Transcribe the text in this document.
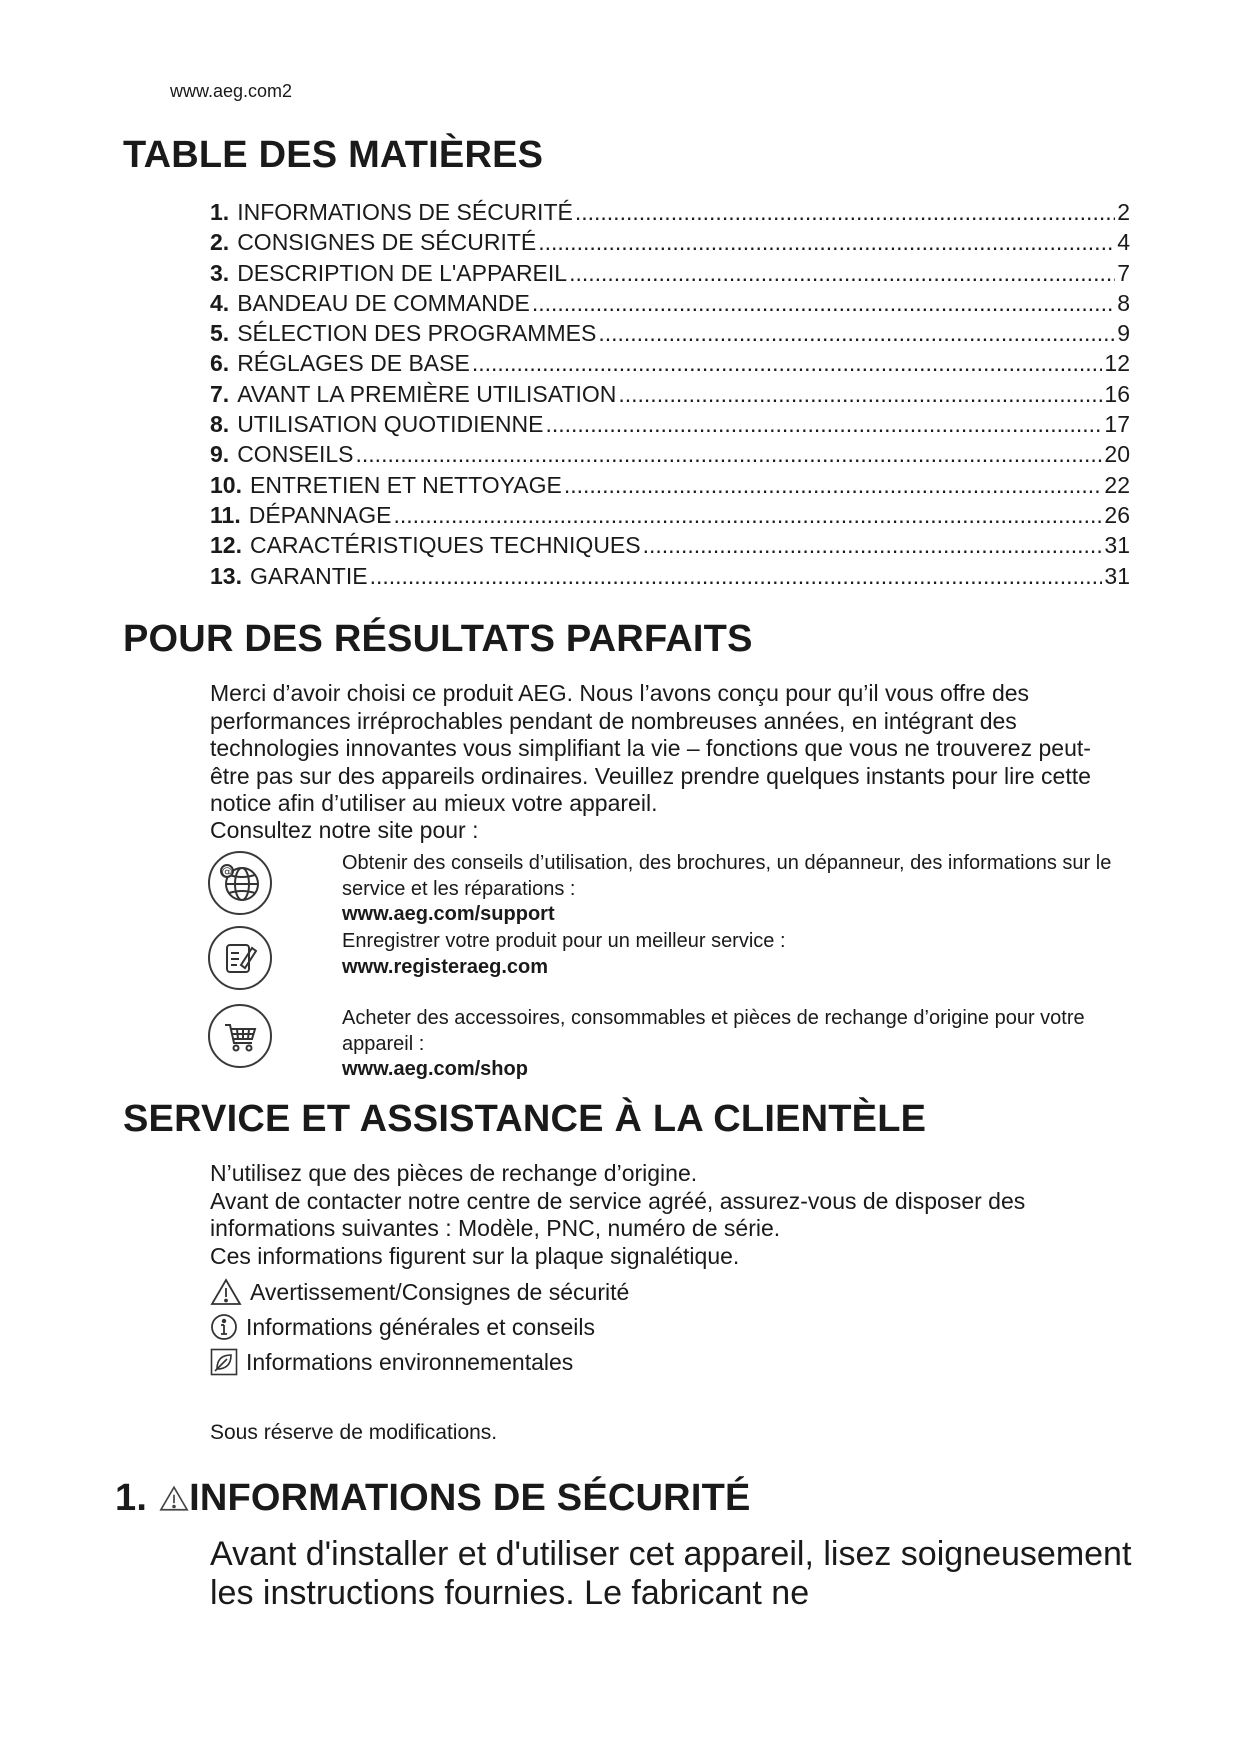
www.aeg.com2
TABLE DES MATIÈRES
1. INFORMATIONS DE SÉCURITÉ .....	2
2. CONSIGNES DE SÉCURITÉ .....	4
3. DESCRIPTION DE L'APPAREIL .....	7
4. BANDEAU DE COMMANDE .....	8
5. SÉLECTION DES PROGRAMMES .....	9
6. RÉGLAGES DE BASE .....	12
7. AVANT LA PREMIÈRE UTILISATION .....	16
8. UTILISATION QUOTIDIENNE .....	17
9. CONSEILS .....	20
10. ENTRETIEN ET NETTOYAGE .....	22
11. DÉPANNAGE .....	26
12. CARACTÉRISTIQUES TECHNIQUES .....	31
13. GARANTIE .....	31
POUR DES RÉSULTATS PARFAITS
Merci d’avoir choisi ce produit AEG. Nous l’avons conçu pour qu’il vous offre des performances irréprochables pendant de nombreuses années, en intégrant des technologies innovantes vous simplifiant la vie – fonctions que vous ne trouverez peut-être pas sur des appareils ordinaires. Veuillez prendre quelques instants pour lire cette notice afin d’utiliser au mieux votre appareil.
Consultez notre site pour :
@	Obtenir des conseils d’utilisation, des brochures, un dépanneur, des informations sur le service et les réparations :
www.aeg.com/support
Enregistrer votre produit pour un meilleur service :
www.registeraeg.com
Acheter des accessoires, consommables et pièces de rechange d’origine pour votre appareil :
www.aeg.com/shop
SERVICE ET ASSISTANCE À LA CLIENTÈLE
N’utilisez que des pièces de rechange d’origine.
Avant de contacter notre centre de service agréé, assurez-vous de disposer des informations suivantes : Modèle, PNC, numéro de série.
Ces informations figurent sur la plaque signalétique.
Avertissement/Consignes de sécurité
Informations générales et conseils
Informations environnementales
Sous réserve de modifications.
1. INFORMATIONS DE SÉCURITÉ
Avant d'installer et d'utiliser cet appareil, lisez soigneusement les instructions fournies. Le fabricant ne
